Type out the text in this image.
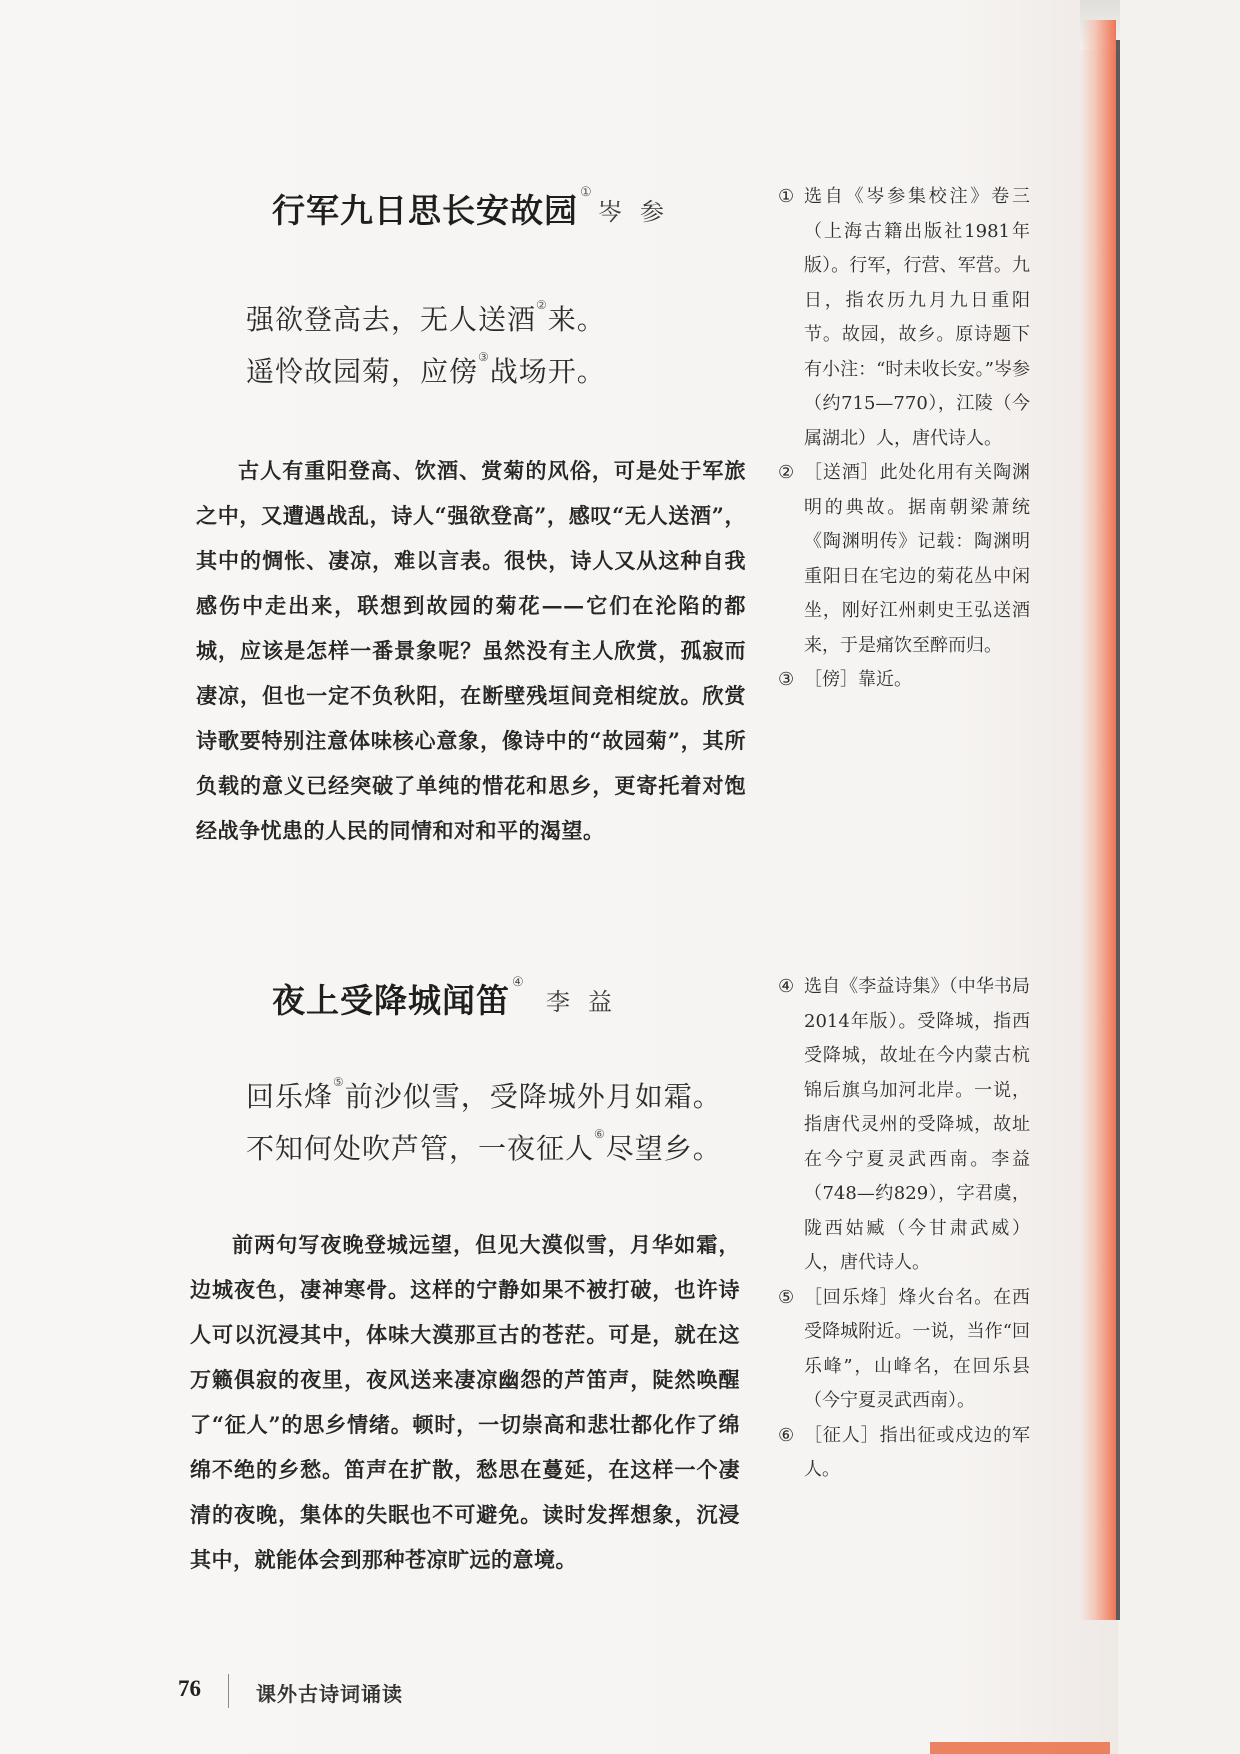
行军九日思长安故园 ①
岑参
强欲登高去，无人送酒②来。
遥怜故园菊，应傍③战场开。
古人有重阳登高、饮酒、赏菊的风俗，可是处于军旅之中，又遭遇战乱，诗人“强欲登高”，感叹“无人送酒”，其中的惆怅、凄凉，难以言表。很快，诗人又从这种自我感伤中走出来，联想到故园的菊花——它们在沦陷的都城，应该是怎样一番景象呢？虽然没有主人欣赏，孤寂而凄凉，但也一定不负秋阳，在断壁残垣间竞相绽放。欣赏诗歌要特别注意体味核心意象，像诗中的“故园菊”，其所负载的意义已经突破了单纯的惜花和思乡，更寄托着对饱经战争忧患的人民的同情和对和平的渴望。
① 选自《岑参集校注》卷三（上海古籍出版社1981年版）。行军，行营、军营。九日，指农历九月九日重阳节。故园，故乡。原诗题下有小注：“时未收长安。”岑参（约715—770），江陵（今属湖北）人，唐代诗人。
② ［送酒］此处化用有关陶渊明的典故。据南朝梁萧统《陶渊明传》记载：陶渊明重阳日在宅边的菊花丛中闲坐，刚好江州刺史王弘送酒来，于是痛饮至醉而归。
③ ［傍］靠近。
夜上受降城闻笛 ④
李益
回乐烽⑤前沙似雪，受降城外月如霜。
不知何处吹芦管，一夜征人⑥尽望乡。
前两句写夜晚登城远望，但见大漠似雪，月华如霜，边城夜色，凄神寒骨。这样的宁静如果不被打破，也许诗人可以沉浸其中，体味大漠那亘古的苍茫。可是，就在这万籁俱寂的夜里，夜风送来凄凉幽怨的芦笛声，陡然唤醒了“征人”的思乡情绪。顿时，一切崇高和悲壮都化作了绵绵不绝的乡愁。笛声在扩散，愁思在蔓延，在这样一个凄清的夜晚，集体的失眠也不可避免。读时发挥想象，沉浸其中，就能体会到那种苍凉旷远的意境。
④ 选自《李益诗集》（中华书局2014年版）。受降城，指西受降城，故址在今内蒙古杭锦后旗乌加河北岸。一说，指唐代灵州的受降城，故址在今宁夏灵武西南。李益（748—约829），字君虞，陇西姑臧（今甘肃武威）人，唐代诗人。
⑤ ［回乐烽］烽火台名。在西受降城附近。一说，当作“回乐峰”，山峰名，在回乐县（今宁夏灵武西南）。
⑥ ［征人］指出征或戍边的军人。
76	课外古诗词诵读
